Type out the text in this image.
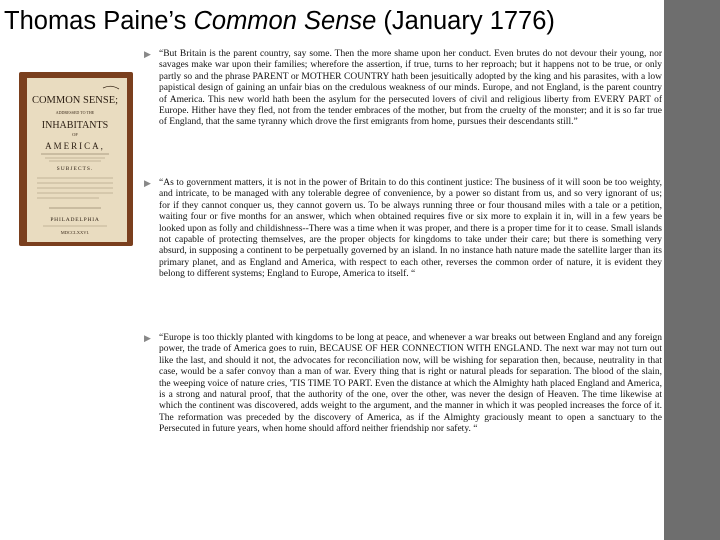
Thomas Paine’s Common Sense (January 1776)
COMMON SENSE;
ADDRESSED TO THE
INHABITANTS
OF
AMERICA,
SUBJECTS.
PHILADELPHIA
MDCCLXXVI.
▶ “But Britain is the parent country, say some. Then the more shame upon her conduct. Even brutes do not devour their young, nor savages make war upon their families; wherefore the assertion, if true, turns to her reproach; but it happens not to be true, or only partly so and the phrase PARENT or MOTHER COUNTRY hath been jesuitically adopted by the king and his parasites, with a low papistical design of gaining an unfair bias on the credulous weakness of our minds. Europe, and not England, is the parent country of America. This new world hath been the asylum for the persecuted lovers of civil and religious liberty from EVERY PART of Europe. Hither have they fled, not from the tender embraces of the mother, but from the cruelty of the monster; and it is so far true of England, that the same tyranny which drove the first emigrants from home, pursues their descendants still.”
▶ “As to government matters, it is not in the power of Britain to do this continent justice: The business of it will soon be too weighty, and intricate, to be managed with any tolerable degree of convenience, by a power so distant from us, and so very ignorant of us; for if they cannot conquer us, they cannot govern us. To be always running three or four thousand miles with a tale or a petition, waiting four or five months for an answer, which when obtained requires five or six more to explain it in, will in a few years be looked upon as folly and childishness--There was a time when it was proper, and there is a proper time for it to cease. Small islands not capable of protecting themselves, are the proper objects for kingdoms to take under their care; but there is something very absurd, in supposing a continent to be perpetually governed by an island. In no instance hath nature made the satellite larger than its primary planet, and as England and America, with respect to each other, reverses the common order of nature, it is evident they belong to different systems; England to Europe, America to itself. “
▶ “Europe is too thickly planted with kingdoms to be long at peace, and whenever a war breaks out between England and any foreign power, the trade of America goes to ruin, BECAUSE OF HER CONNECTION WITH ENGLAND. The next war may not turn out like the last, and should it not, the advocates for reconciliation now, will be wishing for separation then, because, neutrality in that case, would be a safer convoy than a man of war. Every thing that is right or natural pleads for separation. The blood of the slain, the weeping voice of nature cries, 'TIS TIME TO PART. Even the distance at which the Almighty hath placed England and America, is a strong and natural proof, that the authority of the one, over the other, was never the design of Heaven. The time likewise at which the continent was discovered, adds weight to the argument, and the manner in which it was peopled increases the force of it. The reformation was preceded by the discovery of America, as if the Almighty graciously meant to open a sanctuary to the Persecuted in future years, when home should afford neither friendship nor safety. “
